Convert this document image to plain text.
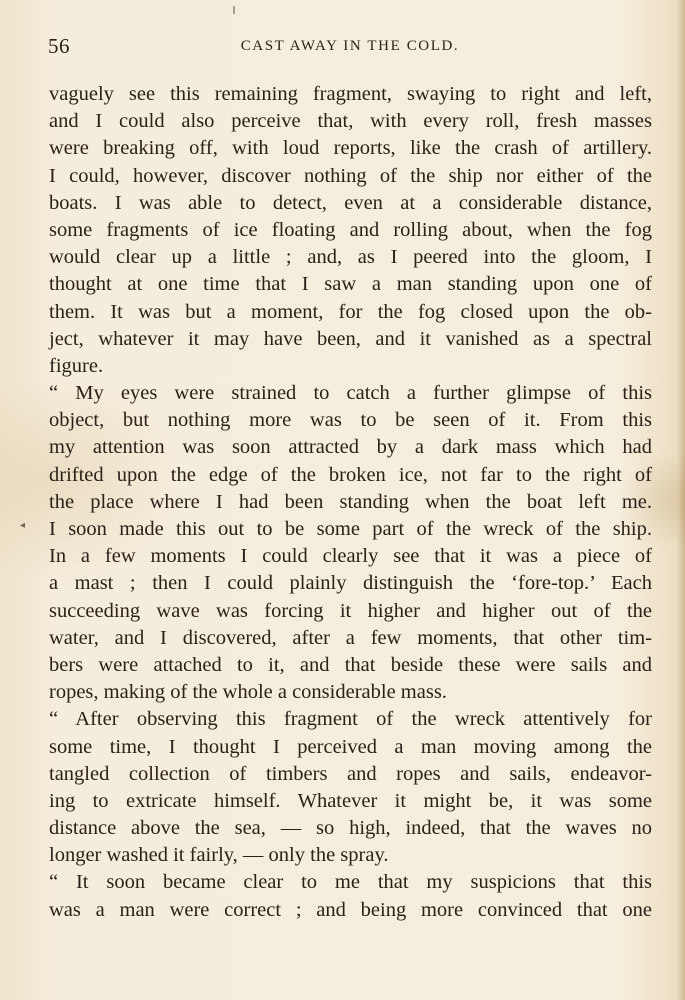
◂
56	CAST AWAY IN THE COLD.
vaguely see this remaining fragment, swaying to right and left,
and I could also perceive that, with every roll, fresh masses
were breaking off, with loud reports, like the crash of artillery.
I could, however, discover nothing of the ship nor either of the
boats. I was able to detect, even at a considerable distance,
some fragments of ice floating and rolling about, when the fog
would clear up a little ; and, as I peered into the gloom, I
thought at one time that I saw a man standing upon one of
them. It was but a moment, for the fog closed upon the ob-
ject, whatever it may have been, and it vanished as a spectral
figure.
“ My eyes were strained to catch a further glimpse of this
object, but nothing more was to be seen of it. From this
my attention was soon attracted by a dark mass which had
drifted upon the edge of the broken ice, not far to the right of
the place where I had been standing when the boat left me.
I soon made this out to be some part of the wreck of the ship.
In a few moments I could clearly see that it was a piece of
a mast ; then I could plainly distinguish the ‘fore-top.’ Each
succeeding wave was forcing it higher and higher out of the
water, and I discovered, after a few moments, that other tim-
bers were attached to it, and that beside these were sails and
ropes, making of the whole a considerable mass.
“ After observing this fragment of the wreck attentively for
some time, I thought I perceived a man moving among the
tangled collection of timbers and ropes and sails, endeavor-
ing to extricate himself. Whatever it might be, it was some
distance above the sea, — so high, indeed, that the waves no
longer washed it fairly, — only the spray.
“ It soon became clear to me that my suspicions that this
was a man were correct ; and being more convinced that one
